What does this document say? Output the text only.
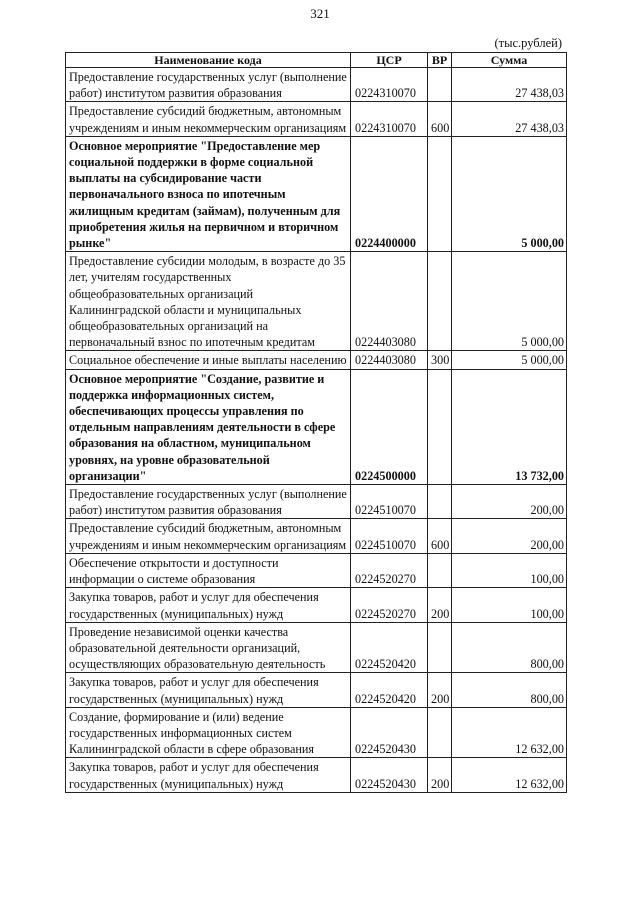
321
(тыс.рублей)
Наименование кода	ЦСР	ВР	Сумма
Предоставление государственных услуг (выполнение работ) институтом развития образования	0224310070		27 438,03
Предоставление субсидий бюджетным, автономным учреждениям и иным некоммерческим организациям	0224310070	600	27 438,03
Основное мероприятие "Предоставление мер социальной поддержки в форме социальной выплаты на субсидирование части первоначального взноса по ипотечным жилищным кредитам (займам), полученным для приобретения жилья на первичном и вторичном рынке"	0224400000		5 000,00
Предоставление субсидии молодым, в возрасте до 35 лет, учителям государственных общеобразовательных организаций Калининградской области и муниципальных общеобразовательных организаций на первоначальный взнос по ипотечным кредитам	0224403080		5 000,00
Социальное обеспечение и иные выплаты населению	0224403080	300	5 000,00
Основное мероприятие "Создание, развитие и поддержка информационных систем, обеспечивающих процессы управления по отдельным направлениям деятельности в сфере образования на областном, муниципальном уровнях, на уровне образовательной организации"	0224500000		13 732,00
Предоставление государственных услуг (выполнение работ) институтом развития образования	0224510070		200,00
Предоставление субсидий бюджетным, автономным учреждениям и иным некоммерческим организациям	0224510070	600	200,00
Обеспечение открытости и доступности информации о системе образования	0224520270		100,00
Закупка товаров, работ и услуг для обеспечения государственных (муниципальных) нужд	0224520270	200	100,00
Проведение независимой оценки качества образовательной деятельности организаций, осуществляющих образовательную деятельность	0224520420		800,00
Закупка товаров, работ и услуг для обеспечения государственных (муниципальных) нужд	0224520420	200	800,00
Создание, формирование и (или) ведение государственных информационных систем Калининградской области в сфере образования	0224520430		12 632,00
Закупка товаров, работ и услуг для обеспечения государственных (муниципальных) нужд	0224520430	200	12 632,00
